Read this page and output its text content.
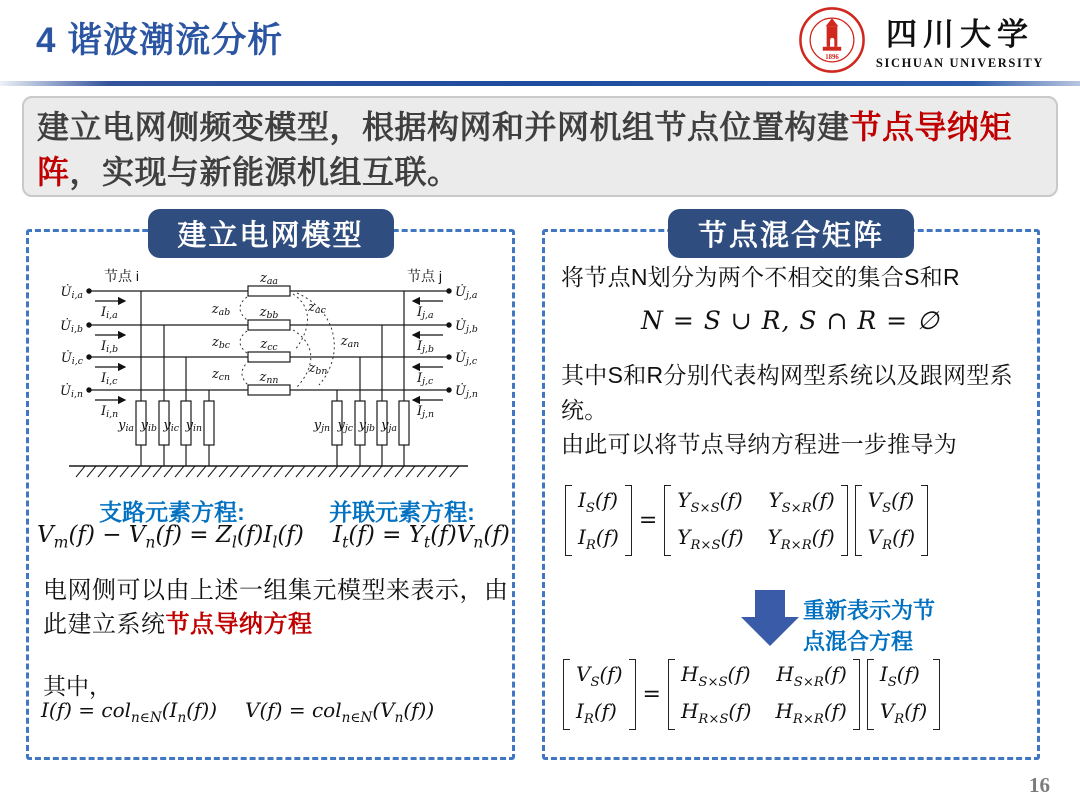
4 谐波潮流分析	1896
四川大学
SICHUAN UNIVERSITY
建立电网侧频变模型，根据构网和并网机组节点位置构建节点导纳矩阵，实现与新能源机组互联。
建立电网模型
节点 i	节点 j
U̇i,a
U̇i,b
U̇i,c
U̇i,n
Ii,a
Ii,b
Ii,c
Ii,n
U̇j,a
U̇j,b
U̇j,c
U̇j,n
Ij,a
Ij,b
Ij,c
Ij,n
zaa
zbb
zcc
znn
zab
zbc
zcn
zac
zan
zbn
yia yib yic yin	yjn yjc yjb yja
支路元素方程:	并联元素方程:
$V_m(f) - V_n(f) = Z_l(f)I_l(f) I_t(f) = Y_t(f)V_n(f)$
电网侧可以由上述一组集元模型来表示，由此建立系统节点导纳方程
其中，
$I(f) = col_{n\in N}(I_n(f)) V(f) = col_{n\in N}(V_n(f))$
节点混合矩阵
将节点N划分为两个不相交的集合S和R
N = S ∪ R, S ∩ R = ∅
其中S和R分别代表构网型系统以及跟网型系统。
由此可以将节点导纳方程进一步推导为
$I_S(f)$
$I_R(f)$
=
$Y_{S\times S}(f)$ $Y_{S\times R}(f)$
$Y_{R\times S}(f)$ $Y_{R\times R}(f)$
$V_S(f)$
$V_R(f)$
重新表示为节点混合方程
$V_S(f)$
$I_R(f)$
=
$H_{S\times S}(f)$ $H_{S\times R}(f)$
$H_{R\times S}(f)$ $H_{R\times R}(f)$
$I_S(f)$
$V_R(f)$
16
